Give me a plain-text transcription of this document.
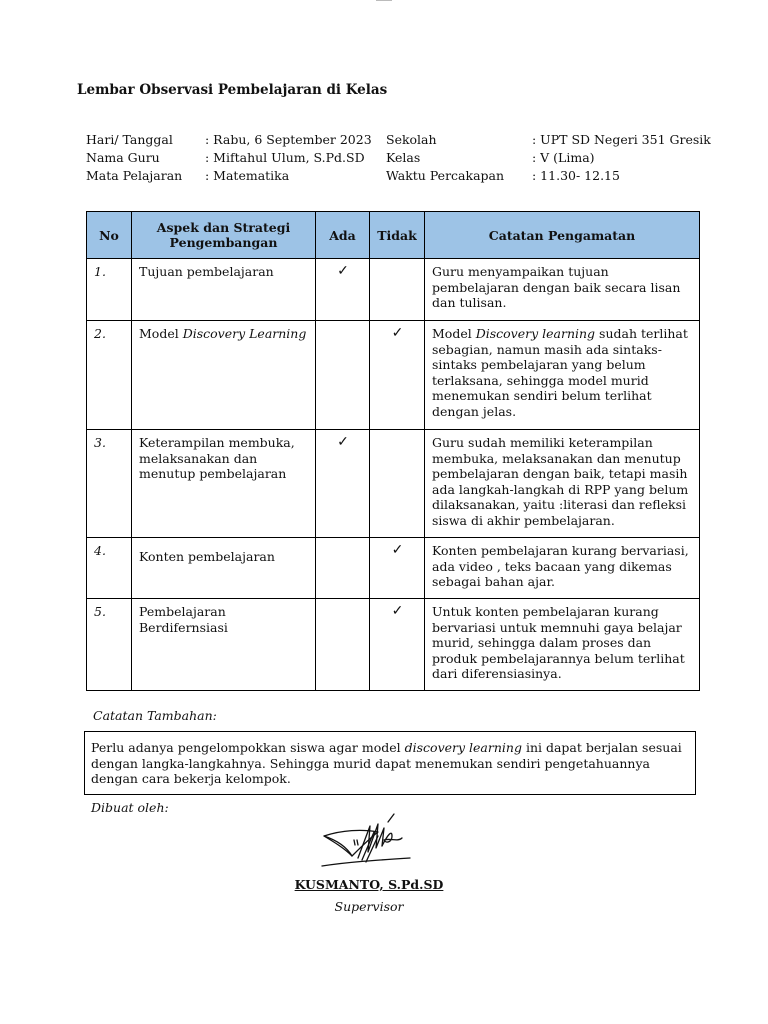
Lembar Observasi Pembelajaran di Kelas
Hari/ Tanggal	: Rabu, 6 September 2023
Nama Guru	: Miftahul Ulum, S.Pd.SD
Mata Pelajaran : Matematika
Sekolah	: UPT SD Negeri 351 Gresik
Kelas	: V (Lima)
Waktu Percakapan : 11.30- 12.15
No	Aspek dan Strategi Pengembangan	Ada	Tidak	Catatan Pengamatan
1.	Tujuan pembelajaran	✓		Guru menyampaikan tujuan pembelajaran dengan baik secara lisan dan tulisan.
2.	Model Discovery Learning		✓	Model Discovery learning sudah terlihat sebagian, namun masih ada sintaks-sintaks pembelajaran yang belum terlaksana, sehingga model murid menemukan sendiri belum terlihat dengan jelas.
3.	Keterampilan membuka, melaksanakan dan menutup pembelajaran	✓		Guru sudah memiliki keterampilan membuka, melaksanakan dan menutup pembelajaran dengan baik, tetapi masih ada langkah-langkah di RPP yang belum dilaksanakan, yaitu :literasi dan refleksi siswa di akhir pembelajaran.
4.	Konten pembelajaran		✓	Konten pembelajaran kurang bervariasi, ada video , teks bacaan yang dikemas sebagai bahan ajar.
5.	Pembelajaran Berdifernsiasi		✓	Untuk konten pembelajaran kurang bervariasi untuk memnuhi gaya belajar murid, sehingga dalam proses dan produk pembelajarannya belum terlihat dari diferensiasinya.
Catatan Tambahan:
Perlu adanya pengelompokkan siswa agar model discovery learning ini dapat berjalan sesuai dengan langka-langkahnya. Sehingga murid dapat menemukan sendiri pengetahuannya dengan cara bekerja kelompok.
Dibuat oleh:
KUSMANTO, S.Pd.SD
Supervisor
